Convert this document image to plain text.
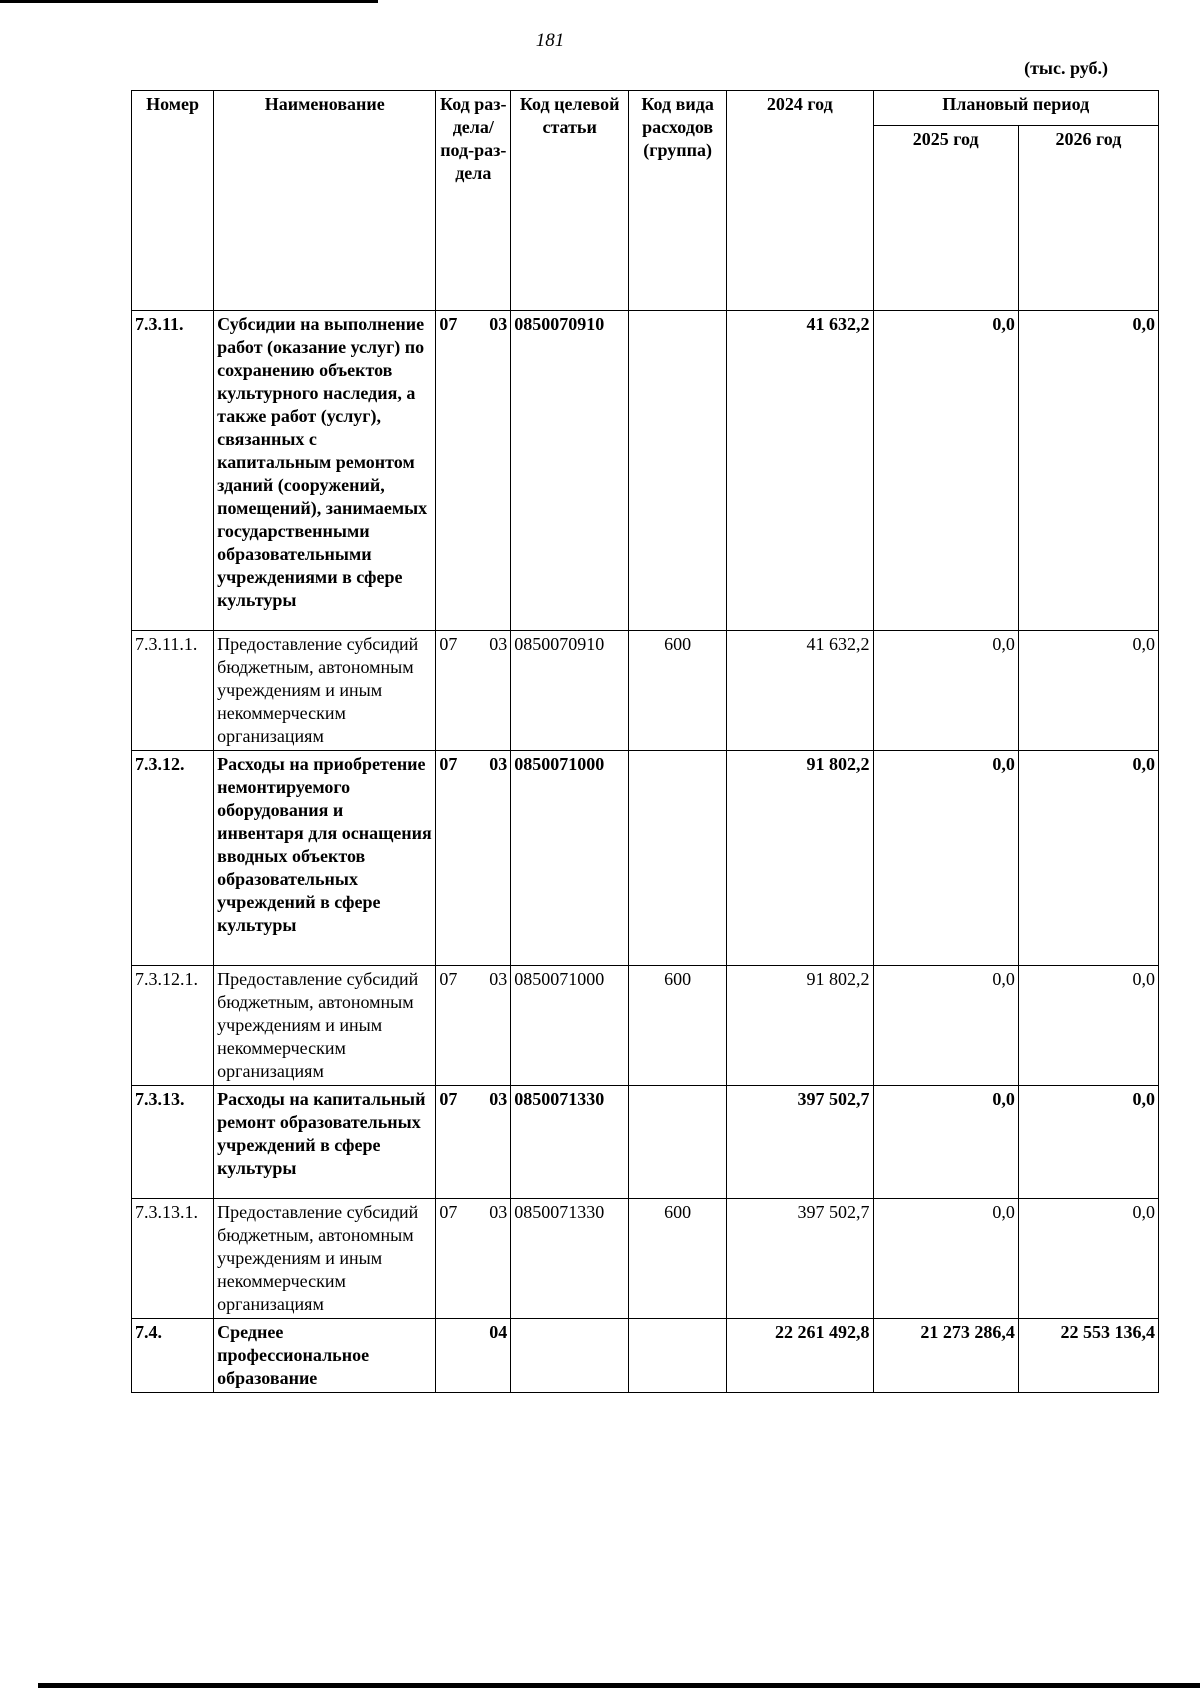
181
(тыс. руб.)
Номер	Наименование	Код раз-дела/ под-раз-дела	Код целевой статьи	Код вида расходов (группа)	2024 год	Плановый период	
						2025 год	2026 год
7.3.11.	Субсидии на выполнение работ (оказание услуг) по сохранению объектов культурного наследия, а также работ (услуг), связанных с капитальным ремонтом зданий (сооружений, помещений), занимаемых государственными образовательными учреждениями в сфере культуры	07 03	0850070910		41 632,2	0,0	0,0
7.3.11.1.	Предоставление субсидий бюджетным, автономным учреждениям и иным некоммерческим организациям	07 03	0850070910	600	41 632,2	0,0	0,0
7.3.12.	Расходы на приобретение немонтируемого оборудования и инвентаря для оснащения вводных объектов образовательных учреждений в сфере культуры	07 03	0850071000		91 802,2	0,0	0,0
7.3.12.1.	Предоставление субсидий бюджетным, автономным учреждениям и иным некоммерческим организациям	07 03	0850071000	600	91 802,2	0,0	0,0
7.3.13.	Расходы на капитальный ремонт образовательных учреждений в сфере культуры	07 03	0850071330		397 502,7	0,0	0,0
7.3.13.1.	Предоставление субсидий бюджетным, автономным учреждениям и иным некоммерческим организациям	07 03	0850071330	600	397 502,7	0,0	0,0
7.4.	Среднее профессиональное образование	04			22 261 492,8	21 273 286,4	22 553 136,4
